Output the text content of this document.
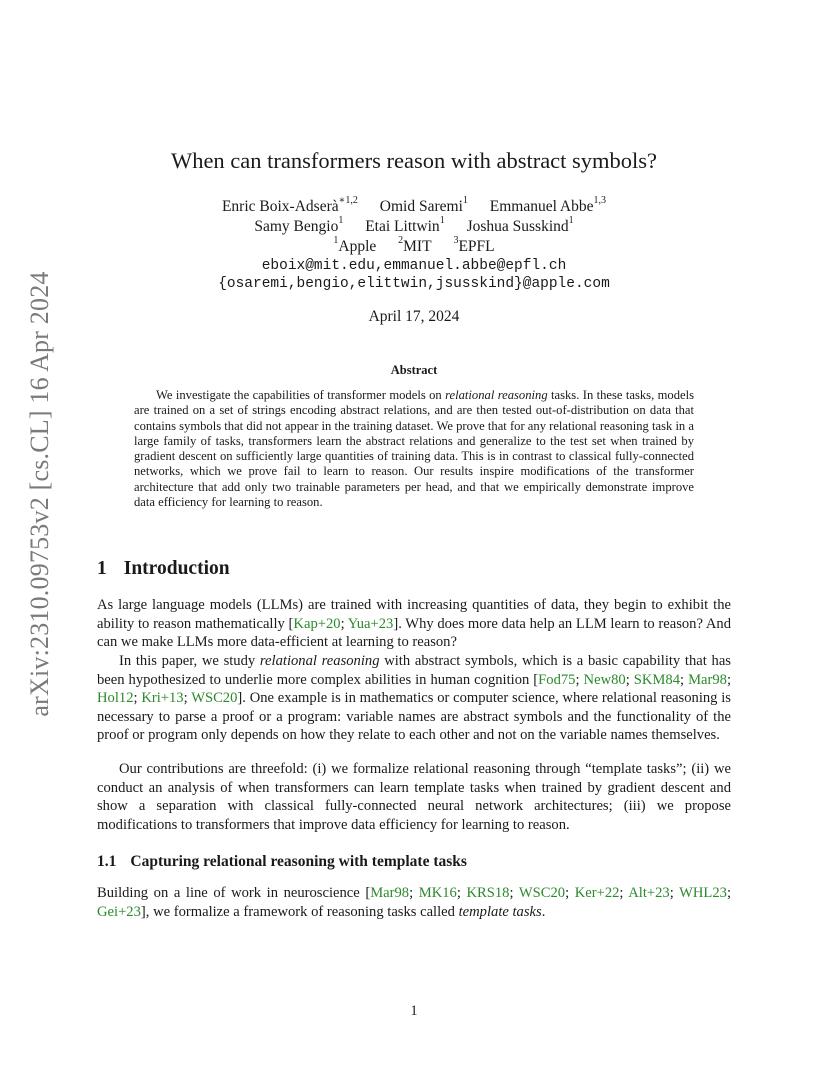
arXiv:2310.09753v2 [cs.CL] 16 Apr 2024
When can transformers reason with abstract symbols?
Enric Boix-Adserà$^{∗1,2}$ Omid Saremi$^1$ Emmanuel Abbe$^{1,3}$
Samy Bengio$^1$ Etai Littwin$^1$ Joshua Susskind$^1$
$^1$Apple $^2$MIT $^3$EPFL
eboix@mit.edu,emmanuel.abbe@epfl.ch
{osaremi,bengio,elittwin,jsusskind}@apple.com
April 17, 2024
Abstract

We investigate the capabilities of transformer models on relational reasoning tasks. In these tasks, models are trained on a set of strings encoding abstract relations, and are then tested out-of-distribution on data that contains symbols that did not appear in the training dataset. We prove that for any relational reasoning task in a large family of tasks, transformers learn the abstract relations and generalize to the test set when trained by gradient descent on sufficiently large quantities of training data. This is in contrast to classical fully-connected networks, which we prove fail to learn to reason. Our results inspire modifications of the transformer architecture that add only two trainable parameters per head, and that we empirically demonstrate improve data efficiency for learning to reason.

1 Introduction

As large language models (LLMs) are trained with increasing quantities of data, they begin to exhibit the ability to reason mathematically [Kap+20; Yua+23]. Why does more data help an LLM learn to reason? And can we make LLMs more data-efficient at learning to reason?

In this paper, we study relational reasoning with abstract symbols, which is a basic capability that has been hypothesized to underlie more complex abilities in human cognition [Fod75; New80; SKM84; Mar98; Hol12; Kri+13; WSC20]. One example is in mathematics or computer science, where relational reasoning is necessary to parse a proof or a program: variable names are abstract symbols and the functionality of the proof or program only depends on how they relate to each other and not on the variable names themselves.

Our contributions are threefold: (i) we formalize relational reasoning through “template tasks”; (ii) we conduct an analysis of when transformers can learn template tasks when trained by gradient descent and show a separation with classical fully-connected neural network architectures; (iii) we propose modifications to transformers that improve data efficiency for learning to reason.

1.1 Capturing relational reasoning with template tasks

Building on a line of work in neuroscience [Mar98; MK16; KRS18; WSC20; Ker+22; Alt+23; WHL23; Gei+23], we formalize a framework of reasoning tasks called template tasks.

1
